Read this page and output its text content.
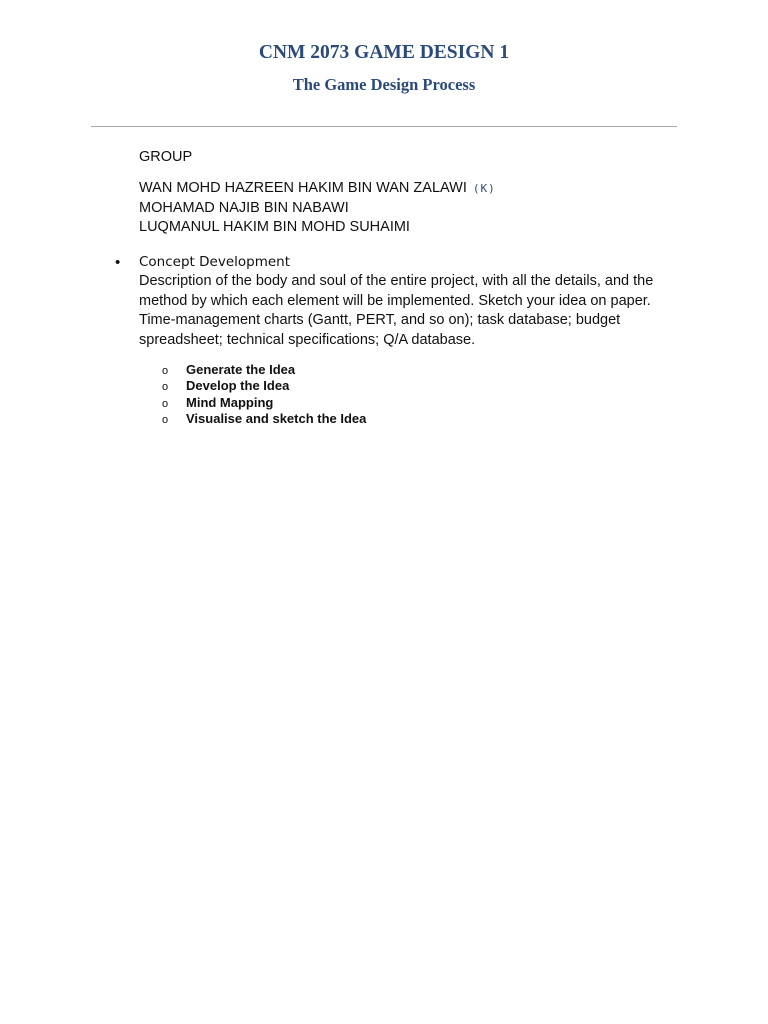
CNM 2073 GAME DESIGN 1
The Game Design Process
GROUP
WAN MOHD HAZREEN HAKIM BIN WAN ZALAWI (K)
MOHAMAD NAJIB BIN NABAWI
LUQMANUL HAKIM BIN MOHD SUHAIMI
• Concept Development
Description of the body and soul of the entire project, with all the details, and the method by which each element will be implemented. Sketch your idea on paper. Time-management charts (Gantt, PERT, and so on); task database; budget spreadsheet; technical specifications; Q/A database.
o	Generate the Idea
o	Develop the Idea
o	Mind Mapping
o	Visualise and sketch the Idea
